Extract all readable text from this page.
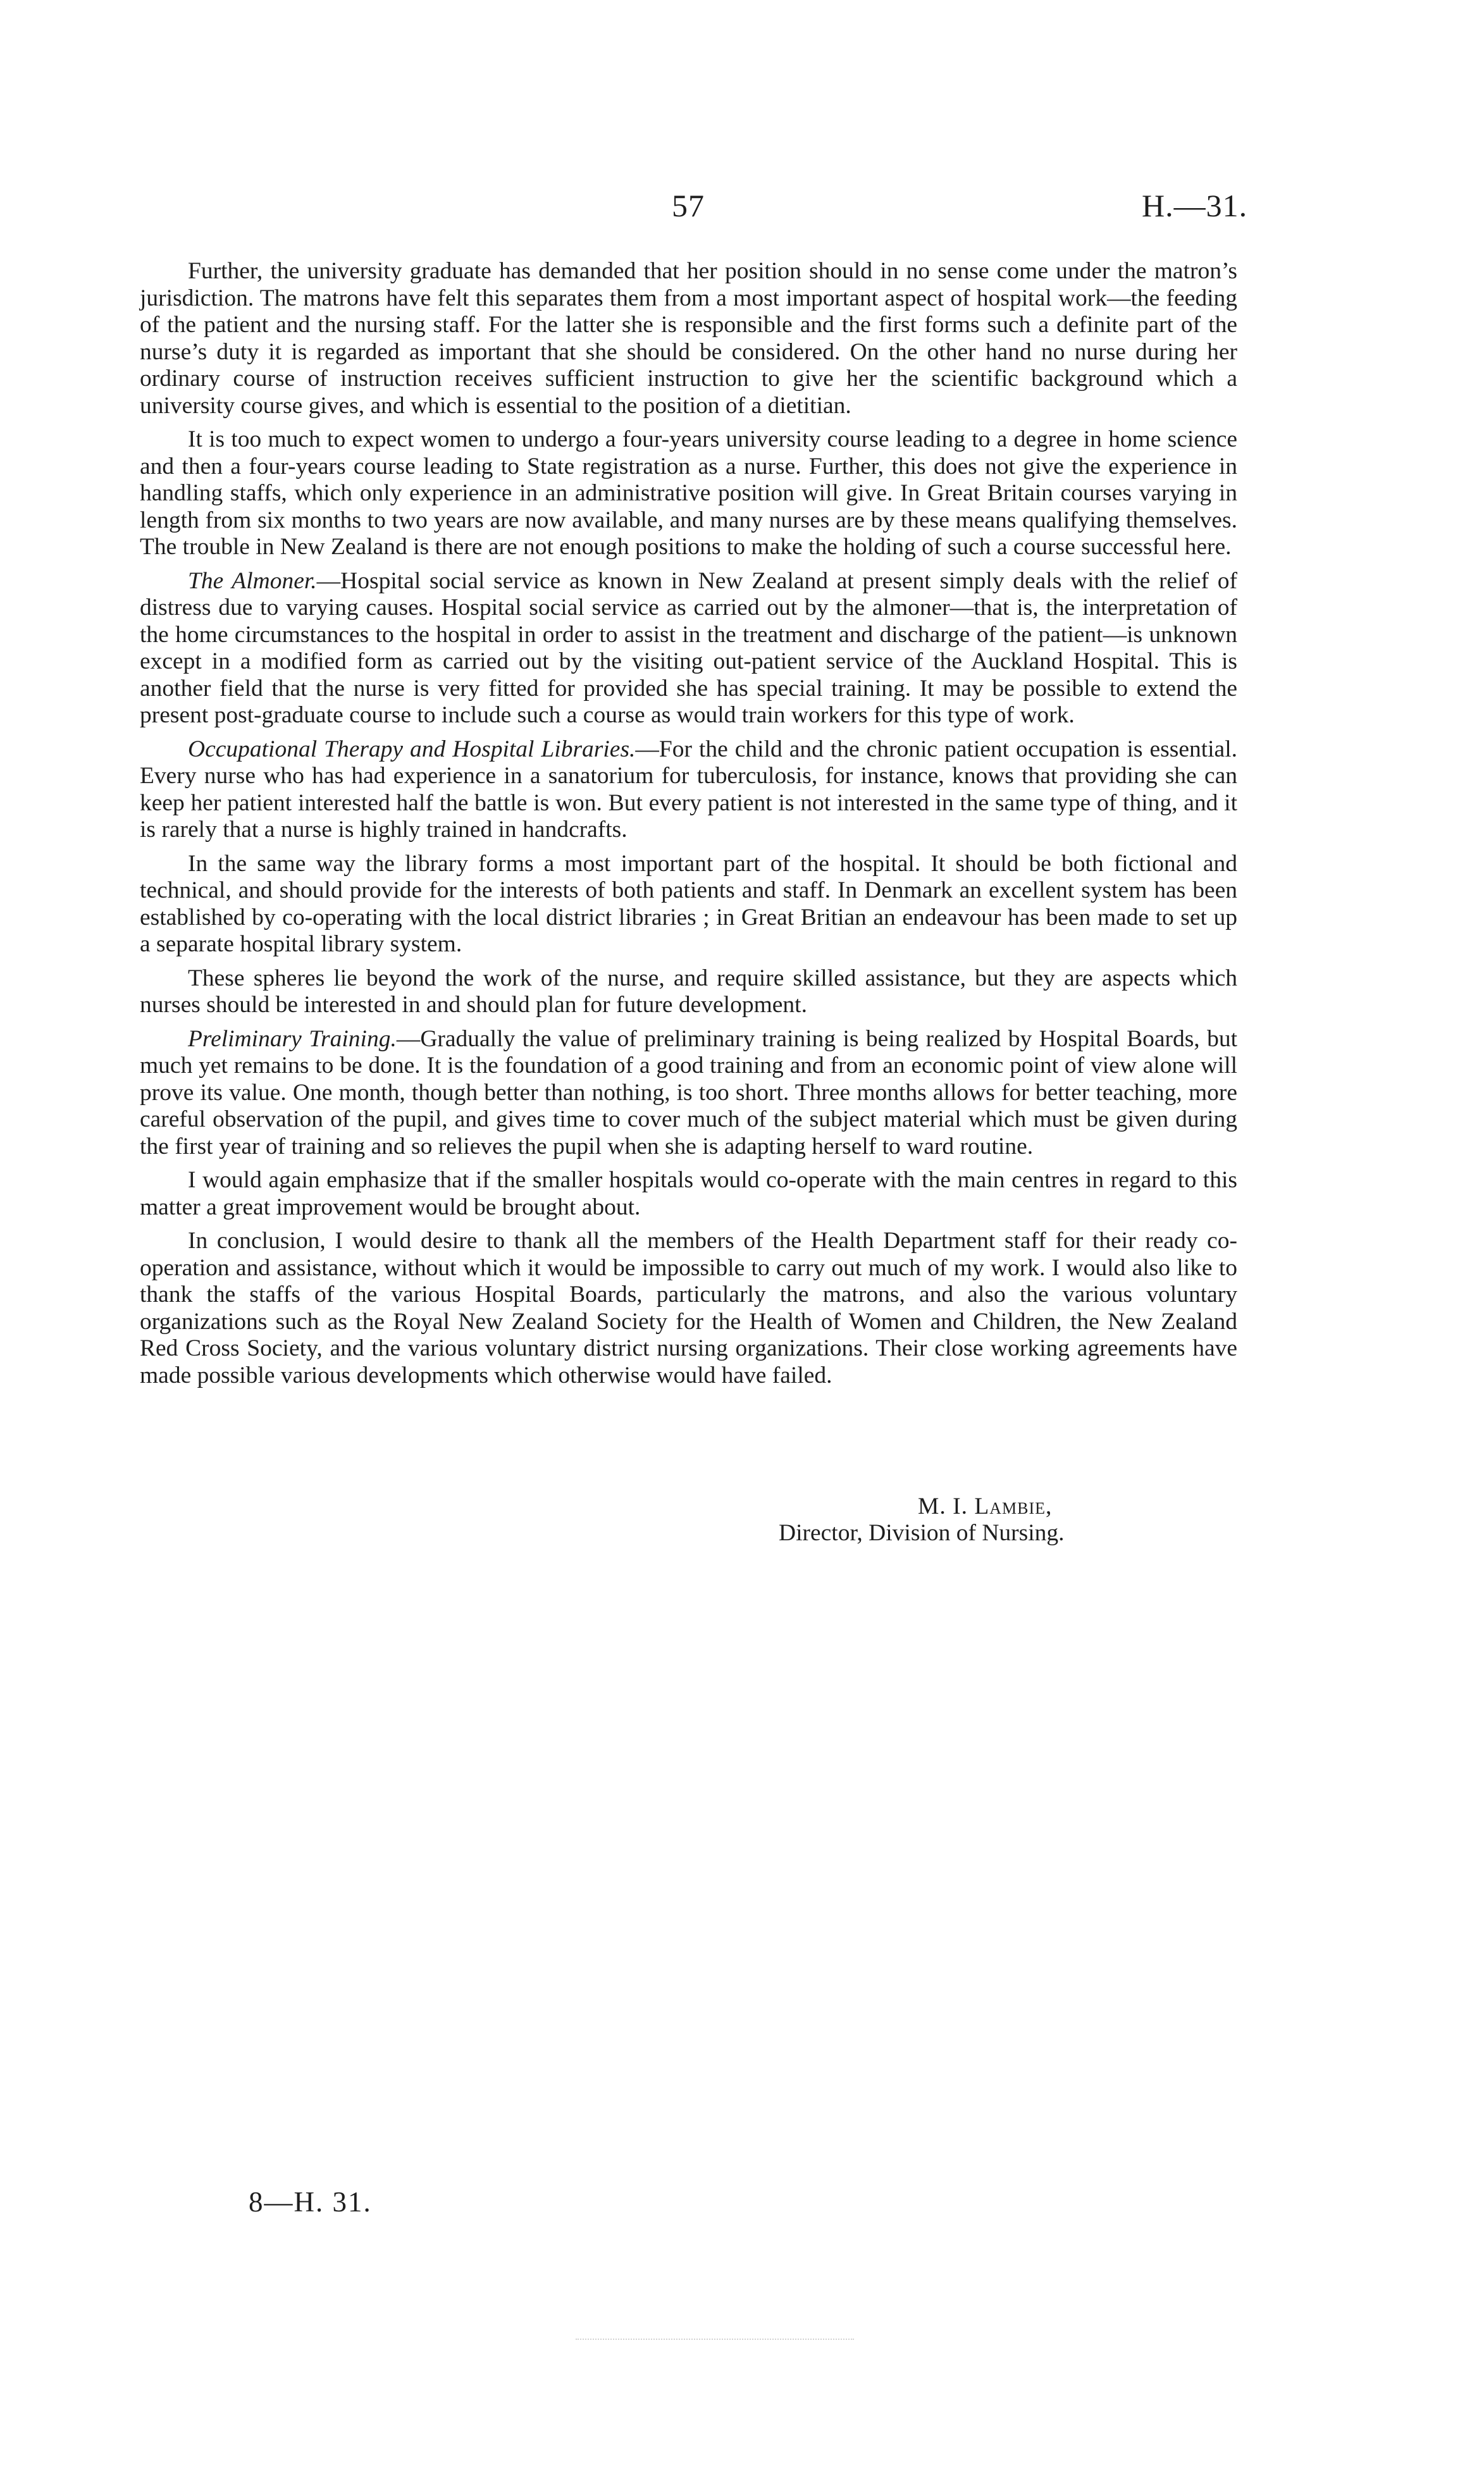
57	H.—31.

Further, the university graduate has demanded that her position should in no sense come under the matron’s jurisdiction. The matrons have felt this separates them from a most important aspect of hospital work—the feeding of the patient and the nursing staff. For the latter she is responsible and the first forms such a definite part of the nurse’s duty it is regarded as important that she should be considered. On the other hand no nurse during her ordinary course of instruction receives sufficient instruction to give her the scientific background which a university course gives, and which is essential to the position of a dietitian.

It is too much to expect women to undergo a four-years university course leading to a degree in home science and then a four-years course leading to State registration as a nurse. Further, this does not give the experience in handling staffs, which only experience in an administrative position will give. In Great Britain courses varying in length from six months to two years are now available, and many nurses are by these means qualifying themselves. The trouble in New Zealand is there are not enough positions to make the holding of such a course successful here.

The Almoner.—Hospital social service as known in New Zealand at present simply deals with the relief of distress due to varying causes. Hospital social service as carried out by the almoner—that is, the interpretation of the home circumstances to the hospital in order to assist in the treatment and discharge of the patient—is unknown except in a modified form as carried out by the visiting out-patient service of the Auckland Hospital. This is another field that the nurse is very fitted for provided she has special training. It may be possible to extend the present post-graduate course to include such a course as would train workers for this type of work.

Occupational Therapy and Hospital Libraries.—For the child and the chronic patient occupation is essential. Every nurse who has had experience in a sanatorium for tuberculosis, for instance, knows that providing she can keep her patient interested half the battle is won. But every patient is not interested in the same type of thing, and it is rarely that a nurse is highly trained in handcrafts.

In the same way the library forms a most important part of the hospital. It should be both fictional and technical, and should provide for the interests of both patients and staff. In Denmark an excellent system has been established by co-operating with the local district libraries ; in Great Britian an endeavour has been made to set up a separate hospital library system.

These spheres lie beyond the work of the nurse, and require skilled assistance, but they are aspects which nurses should be interested in and should plan for future development.

Preliminary Training.—Gradually the value of preliminary training is being realized by Hospital Boards, but much yet remains to be done. It is the foundation of a good training and from an economic point of view alone will prove its value. One month, though better than nothing, is too short. Three months allows for better teaching, more careful observation of the pupil, and gives time to cover much of the subject material which must be given during the first year of training and so relieves the pupil when she is adapting herself to ward routine.

I would again emphasize that if the smaller hospitals would co-operate with the main centres in regard to this matter a great improvement would be brought about.

In conclusion, I would desire to thank all the members of the Health Department staff for their ready co-operation and assistance, without which it would be impossible to carry out much of my work. I would also like to thank the staffs of the various Hospital Boards, particularly the matrons, and also the various voluntary organizations such as the Royal New Zealand Society for the Health of Women and Children, the New Zealand Red Cross Society, and the various voluntary district nursing organizations. Their close working agreements have made possible various developments which otherwise would have failed.

M. I. Lambie,
Director, Division of Nursing.
8—H. 31.
